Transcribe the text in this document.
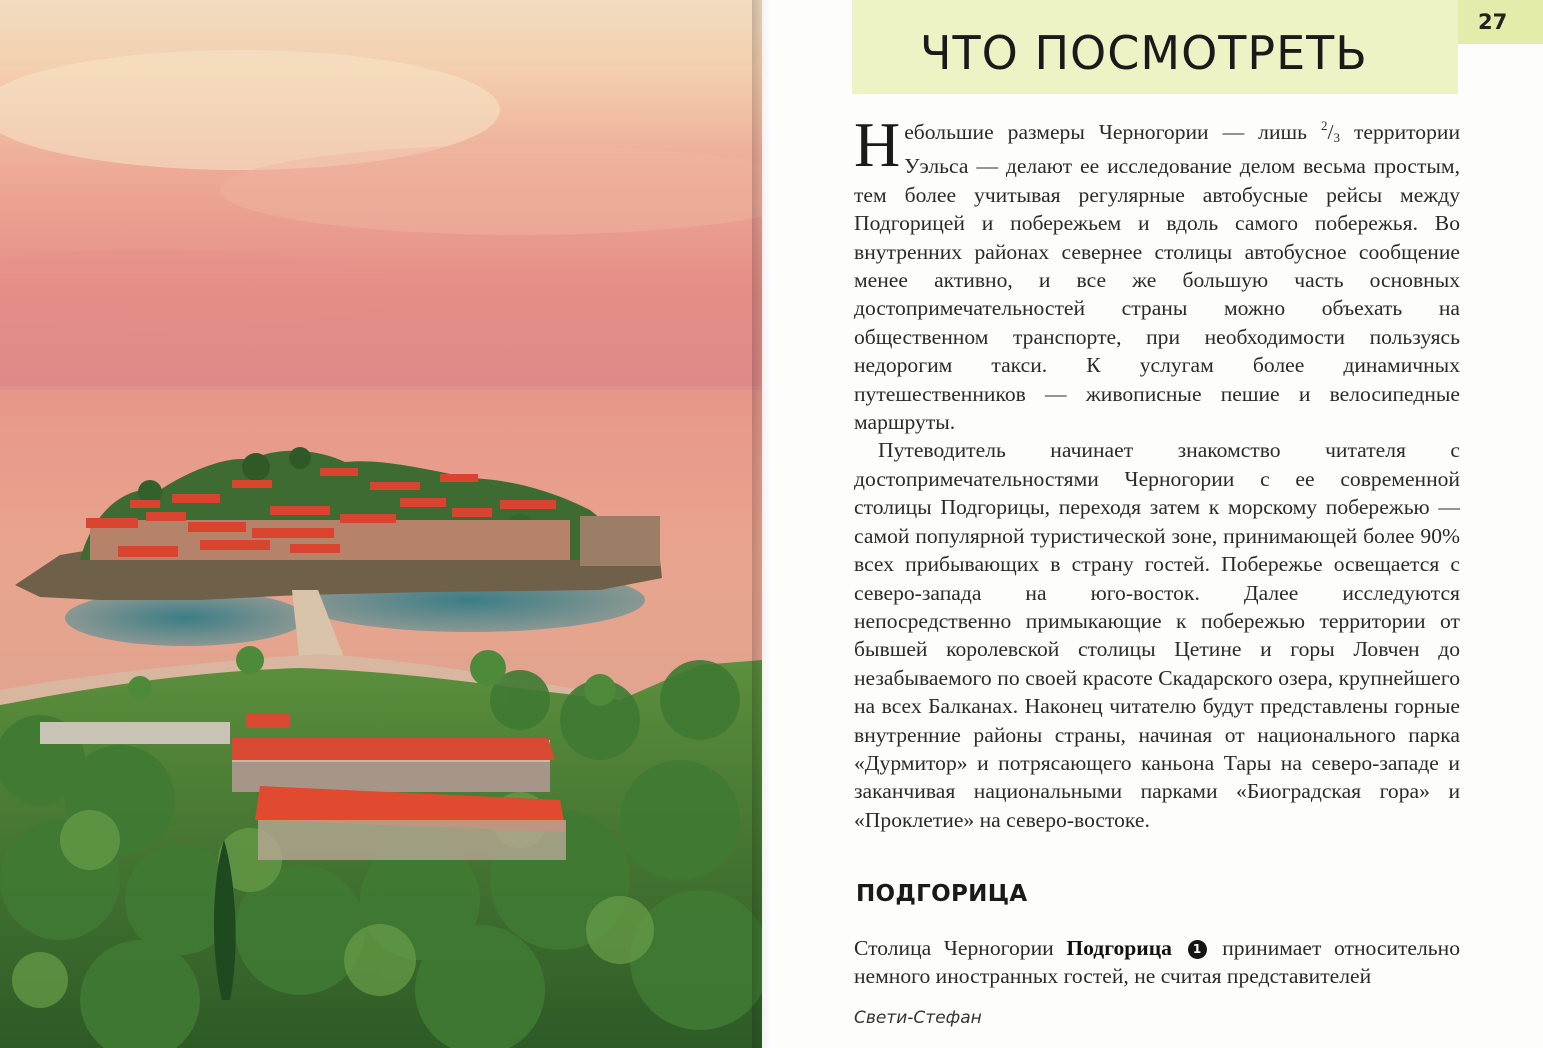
ЧТО ПОСМОТРЕТЬ
27

Небольшие размеры Черногории — лишь $^2/_3$ территории Уэльса — делают ее исследование делом весьма простым, тем более учитывая регулярные автобусные рейсы между Подгорицей и побережьем и вдоль самого побережья. Во внутренних районах севернее столицы автобусное сообщение менее активно, и все же большую часть основных достопримечательностей страны можно объехать на общественном транспорте, при необходимости пользуясь недорогим такси. К услугам более динамичных путешественников — живописные пешие и велосипедные маршруты.

Путеводитель начинает знакомство читателя с достопримечательностями Черногории с ее современной столицы Подгорицы, переходя затем к морскому побережью — самой популярной туристической зоне, принимающей более 90% всех прибывающих в страну гостей. Побережье освещается с северо-запада на юго-восток. Далее исследуются непосредственно примыкающие к побережью территории от бывшей королевской столицы Цетине и горы Ловчен до незабываемого по своей красоте Скадарского озера, крупнейшего на всех Балканах. Наконец читателю будут представлены горные внутренние районы страны, начиная от национального парка «Дурмитор» и потрясающего каньона Тары на северо-западе и заканчивая национальными парками «Биоградская гора» и «Проклетие» на северо-востоке.

ПОДГОРИЦА

Столица Черногории Подгорица 1 принимает относительно немного иностранных гостей, не считая представителей

Свети-Стефан
